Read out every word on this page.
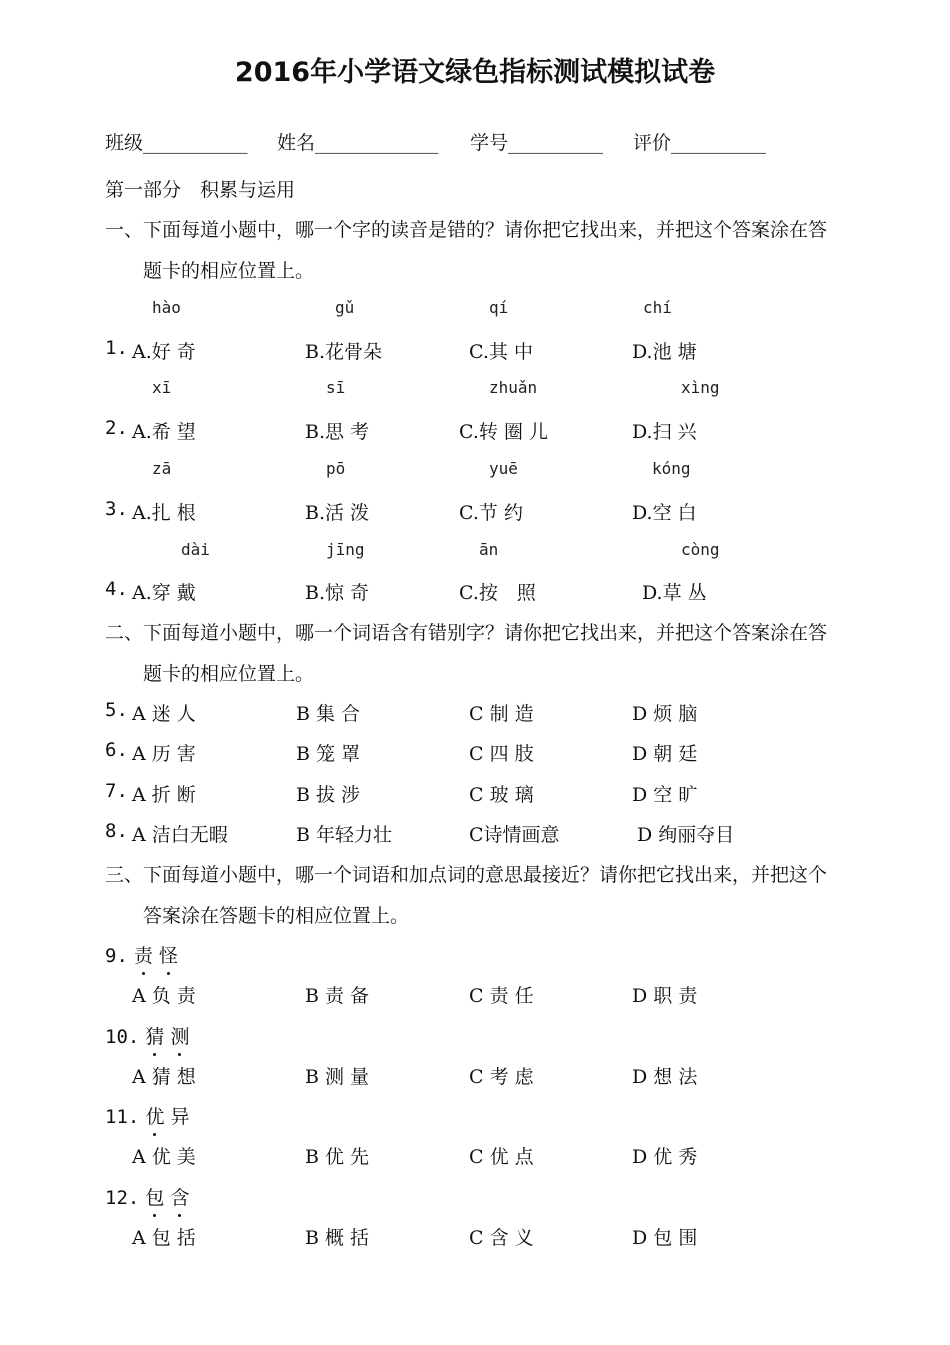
2016年小学语文绿色指标测试模拟试卷
班级___________ 姓名_____________ 学号__________ 评价__________
第一部分　积累与运用
一、下面每道小题中，哪一个字的读音是错的？请你把它找出来，并把这个答案涂在答
题卡的相应位置上。
hào	gǔ	qí	chí
1. A.好 奇	B.花骨朵	C.其 中	D.池 塘
xī	sī	zhuǎn	xìng
2. A.希 望	B.思 考	C.转 圈 儿	D.扫 兴
zā	pō	yuē	kóng
3. A.扎 根	B.活 泼	C.节 约	D.空 白
dài	jīng	ān	còng
4. A.穿 戴	B.惊 奇	C.按　照	D.草 丛
二、下面每道小题中，哪一个词语含有错别字？请你把它找出来，并把这个答案涂在答
题卡的相应位置上。
5. A 迷 人	B 集 合	C 制 造	D 烦 脑
6. A 历 害	B 笼 罩	C 四 肢	D 朝 廷
7. A 折 断	B 拔 涉	C 玻 璃	D 空 旷
8. A 洁白无暇	B 年轻力壮	C诗情画意	D 绚丽夺目
三、下面每道小题中，哪一个词语和加点词的意思最接近？请你把它找出来，并把这个
答案涂在答题卡的相应位置上。
9. 责 怪
A 负 责	B 责 备	C 责 任	D 职 责
10. 猜 测
A 猜 想	B 测 量	C 考 虑	D 想 法
11. 优 异
A 优 美	B 优 先	C 优 点	D 优 秀
12. 包 含
A 包 括	B 概 括	C 含 义	D 包 围
